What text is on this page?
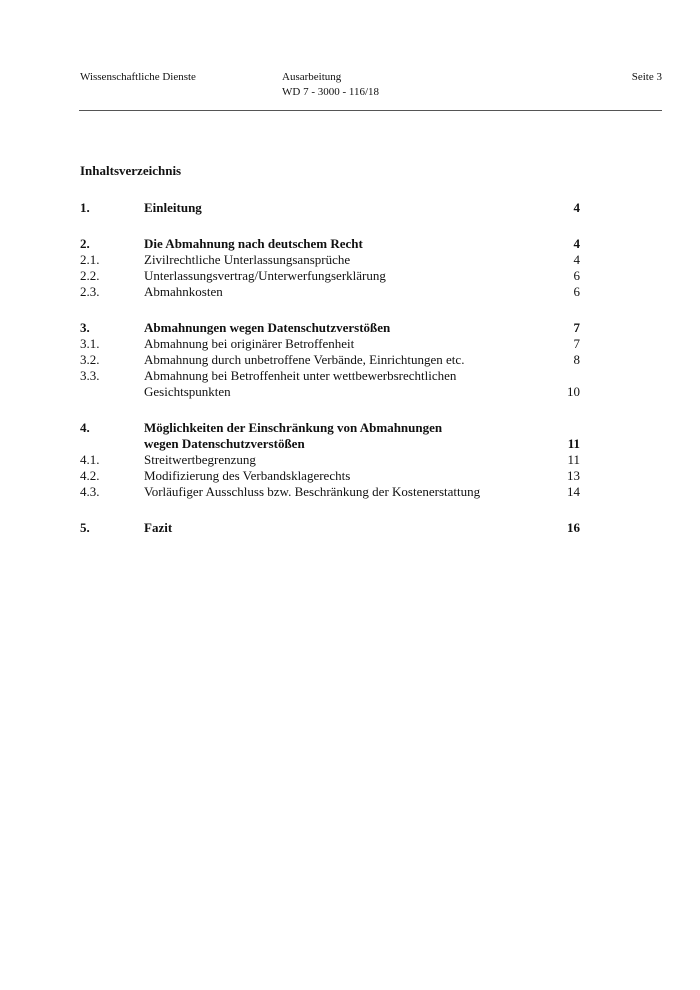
Wissenschaftliche Dienste	Ausarbeitung
WD 7 - 3000 - 116/18
Seite 3
Inhaltsverzeichnis
1.	Einleitung	4
2.	Die Abmahnung nach deutschem Recht	4
2.1.	Zivilrechtliche Unterlassungsansprüche	4
2.2.	Unterlassungsvertrag/Unterwerfungserklärung	6
2.3.	Abmahnkosten	6
3.	Abmahnungen wegen Datenschutzverstößen	7
3.1.	Abmahnung bei originärer Betroffenheit	7
3.2.	Abmahnung durch unbetroffene Verbände, Einrichtungen etc.	8
3.3.	Abmahnung bei Betroffenheit unter wettbewerbsrechtlichen
Gesichtspunkten	10
4.	Möglichkeiten der Einschränkung von Abmahnungen
wegen Datenschutzverstößen	11
4.1.	Streitwertbegrenzung	11
4.2.	Modifizierung des Verbandsklagerechts	13
4.3.	Vorläufiger Ausschluss bzw. Beschränkung der Kostenerstattung	14
5.	Fazit	16
